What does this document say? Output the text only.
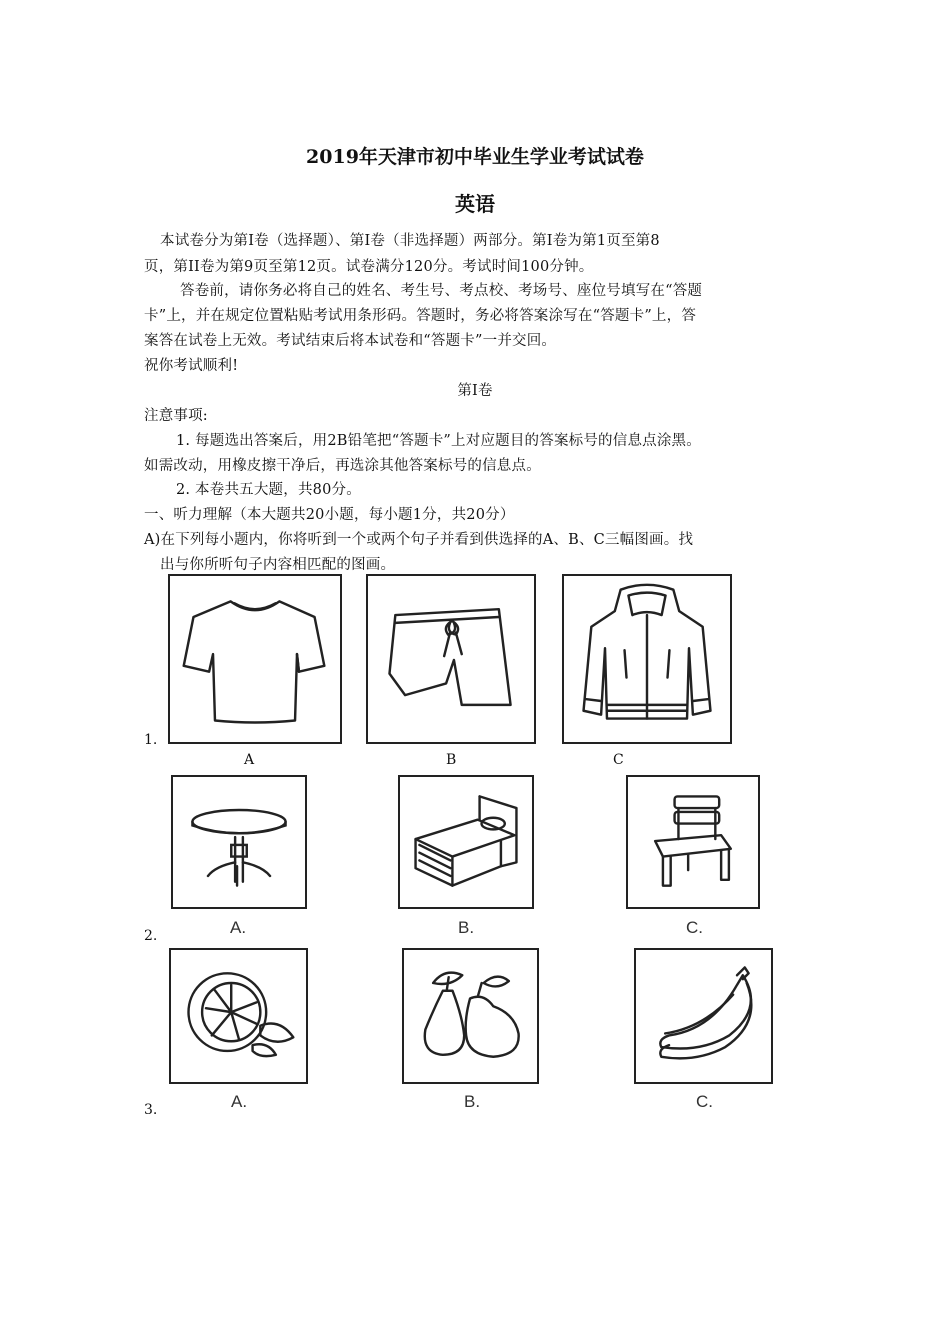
2019年天津市初中毕业生学业考试试卷
英语
本试卷分为第Ⅰ卷（选择题）、第Ⅰ卷（非选择题）两部分。第Ⅰ卷为第1页至第8
页，第II卷为第9页至第12页。试卷满分120分。考试时间100分钟。
答卷前，请你务必将自己的姓名、考生号、考点校、考场号、座位号填写在“答题
卡”上，并在规定位置粘贴考试用条形码。答题时，务必将答案涂写在“答题卡”上，答
案答在试卷上无效。考试结束后将本试卷和“答题卡”一并交回。
祝你考试顺利!
第Ⅰ卷
注意事项:
1. 每题选出答案后，用2B铅笔把“答题卡”上对应题目的答案标号的信息点涂黑。
如需改动，用橡皮擦干净后，再选涂其他答案标号的信息点。
2. 本卷共五大题，共80分。
一、听力理解（本大题共20小题，每小题1分，共20分）
A)在下列每小题内，你将听到一个或两个句子并看到供选择的A、B、C三幅图画。找
出与你所听句子内容相匹配的图画。
1.
A	B	C
2.	A.	B.	C.
3.	A.	B.	C.
